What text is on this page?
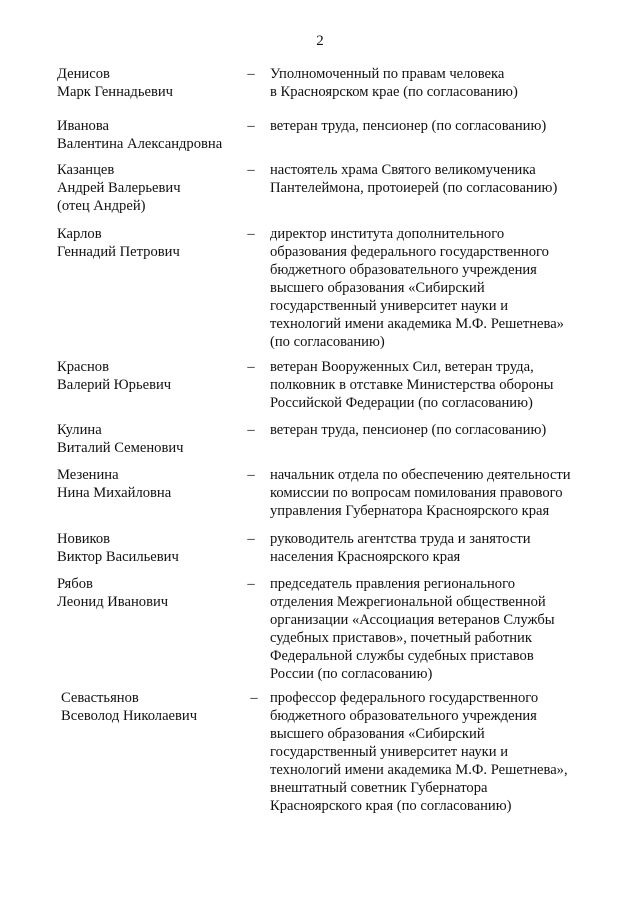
2
Денисов
Марк Геннадьевич
– Уполномоченный по правам человека
в Красноярском крае (по согласованию)
Иванова
Валентина Александровна
– ветеран труда, пенсионер (по согласованию)
Казанцев
Андрей Валерьевич
(отец Андрей)
– настоятель храма Святого великомученика
Пантелеймона, протоиерей (по согласованию)
Карлов
Геннадий Петрович
– директор института дополнительного
образования федерального государственного
бюджетного образовательного учреждения
высшего образования «Сибирский
государственный университет науки и
технологий имени академика М.Ф. Решетнева»
(по согласованию)
Краснов
Валерий Юрьевич
– ветеран Вооруженных Сил, ветеран труда,
полковник в отставке Министерства обороны
Российской Федерации (по согласованию)
Кулина
Виталий Семенович
– ветеран труда, пенсионер (по согласованию)
Мезенина
Нина Михайловна
– начальник отдела по обеспечению деятельности
комиссии по вопросам помилования правового
управления Губернатора Красноярского края
Новиков
Виктор Васильевич
– руководитель агентства труда и занятости
населения Красноярского края
Рябов
Леонид Иванович
– председатель правления регионального
отделения Межрегиональной общественной
организации «Ассоциация ветеранов Службы
судебных приставов», почетный работник
Федеральной службы судебных приставов
России (по согласованию)
Севастьянов
Всеволод Николаевич
– профессор федерального государственного
бюджетного образовательного учреждения
высшего образования «Сибирский
государственный университет науки и
технологий имени академика М.Ф. Решетнева»,
внештатный советник Губернатора
Красноярского края (по согласованию)
